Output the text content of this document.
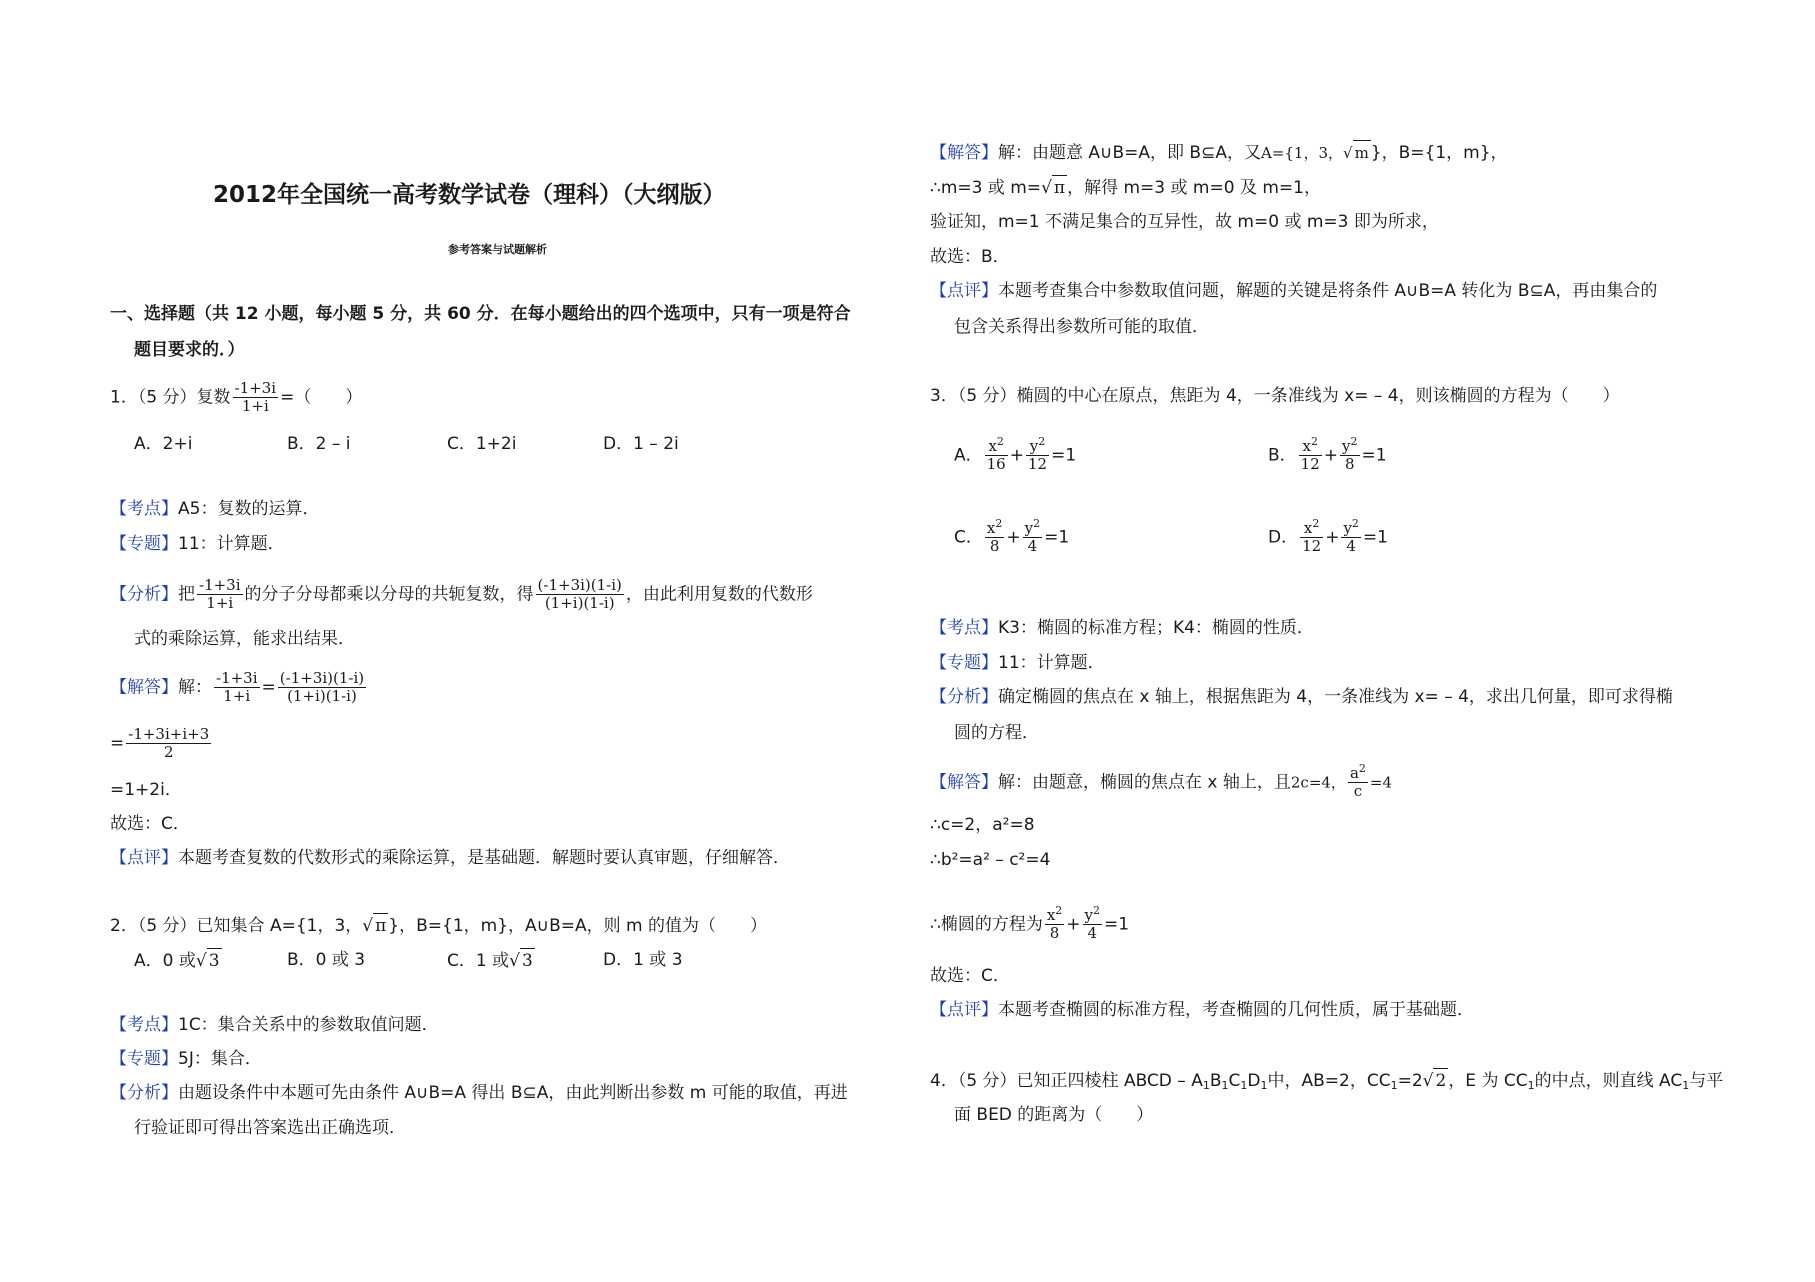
2012年全国统一高考数学试卷（理科）（大纲版）
参考答案与试题解析
一、选择题（共 12 小题，每小题 5 分，共 60 分．在每小题给出的四个选项中，只有一项是符合
题目要求的．）
1．（5 分）复数 $\frac{-1+3i}{1+i}$ =（　　）
A．2+i	B．2 – i	C．1+2i	D．1 – 2i
【考点】A5：复数的运算．
【专题】11：计算题．
【分析】把 $\frac{-1+3i}{1+i}$ 的分子分母都乘以分母的共轭复数，得 $\frac{(-1+3i)(1-i)}{(1+i)(1-i)}$ ，由此利用复数的代数形
式的乘除运算，能求出结果．
【解答】解： $\frac{-1+3i}{1+i} = \frac{(-1+3i)(1-i)}{(1+i)(1-i)}$
= $\frac{-1+3i+i+3}{2}$
=1+2i．
故选：C．
【点评】本题考查复数的代数形式的乘除运算，是基础题．解题时要认真审题，仔细解答．
2．（5 分）已知集合 A={1，3，√ π }，B={1，m}，A∪B=A，则 m 的值为（　　）
A．0 或√ 3	B．0 或 3	C．1 或√ 3	D．1 或 3
【考点】1C：集合关系中的参数取值问题．
【专题】5J：集合．
【分析】由题设条件中本题可先由条件 A∪B=A 得出 B⊆A，由此判断出参数 m 可能的取值，再进
行验证即可得出答案选出正确选项．
【解答】解：由题意 A∪B=A，即 B⊆A，又A={1，3，√ m }，B={1，m}，
∴m=3 或 m=√ π ，解得 m=3 或 m=0 及 m=1，
验证知，m=1 不满足集合的互异性，故 m=0 或 m=3 即为所求，
故选：B．
【点评】本题考查集合中参数取值问题，解题的关键是将条件 A∪B=A 转化为 B⊆A，再由集合的
包含关系得出参数所可能的取值．
3．（5 分）椭圆的中心在原点，焦距为 4，一条准线为 x= – 4，则该椭圆的方程为（　　）
A． $\frac{x^2}{16} + \frac{y^2}{12} =1$	B． $\frac{x^2}{12} + \frac{y^2}{8} =1$
C． $\frac{x^2}{8} + \frac{y^2}{4} =1$	D． $\frac{x^2}{12} + \frac{y^2}{4} =1$
【考点】K3：椭圆的标准方程；K4：椭圆的性质．
【专题】11：计算题．
【分析】确定椭圆的焦点在 x 轴上，根据焦距为 4，一条准线为 x= – 4，求出几何量，即可求得椭
圆的方程．
【解答】解：由题意，椭圆的焦点在 x 轴上，且2c=4， $\frac{a^2}{c} =4$
∴c=2，a²=8
∴b²=a² – c²=4
∴椭圆的方程为 $\frac{x^2}{8} + \frac{y^2}{4} =1$
故选：C．
【点评】本题考查椭圆的标准方程，考查椭圆的几何性质，属于基础题．
4．（5 分）已知正四棱柱 ABCD – $A_1B_1C_1D_1$中，AB=2，$CC_1=2√$ 2 ，E 为 $CC_1$的中点，则直线 $AC_1$与平
面 BED 的距离为（　　）
